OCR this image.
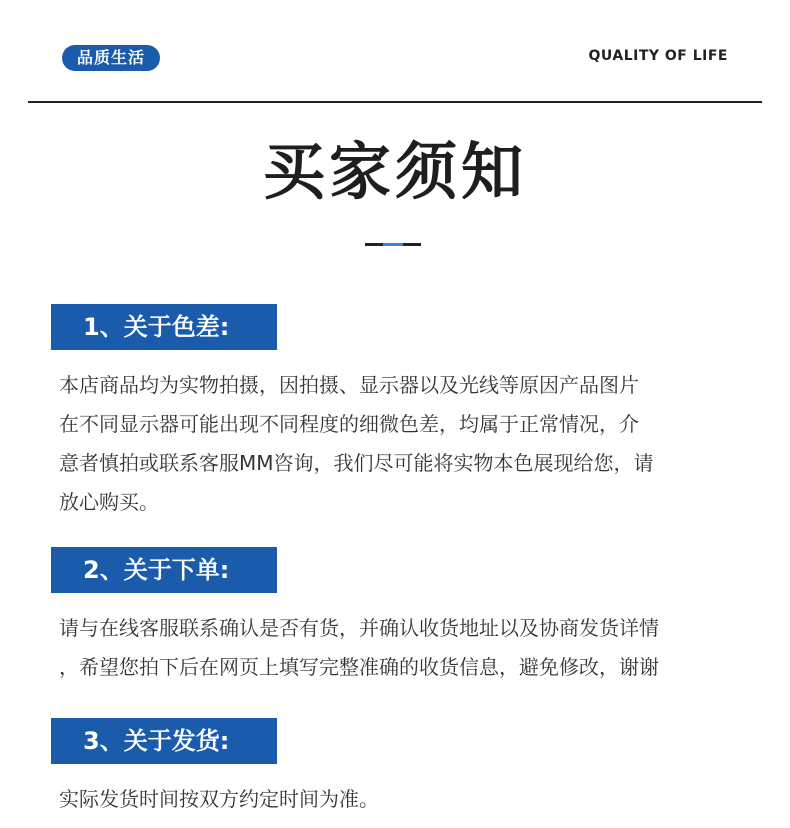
品质生活	QUALITY OF LIFE
买家须知
1、关于色差:
本店商品均为实物拍摄，因拍摄、显示器以及光线等原因产品图片
在不同显示器可能出现不同程度的细微色差，均属于正常情况，介
意者慎拍或联系客服MM咨询，我们尽可能将实物本色展现给您，请
放心购买。
2、关于下单:
请与在线客服联系确认是否有货，并确认收货地址以及协商发货详情
，希望您拍下后在网页上填写完整准确的收货信息，避免修改，谢谢
3、关于发货:
实际发货时间按双方约定时间为准。
